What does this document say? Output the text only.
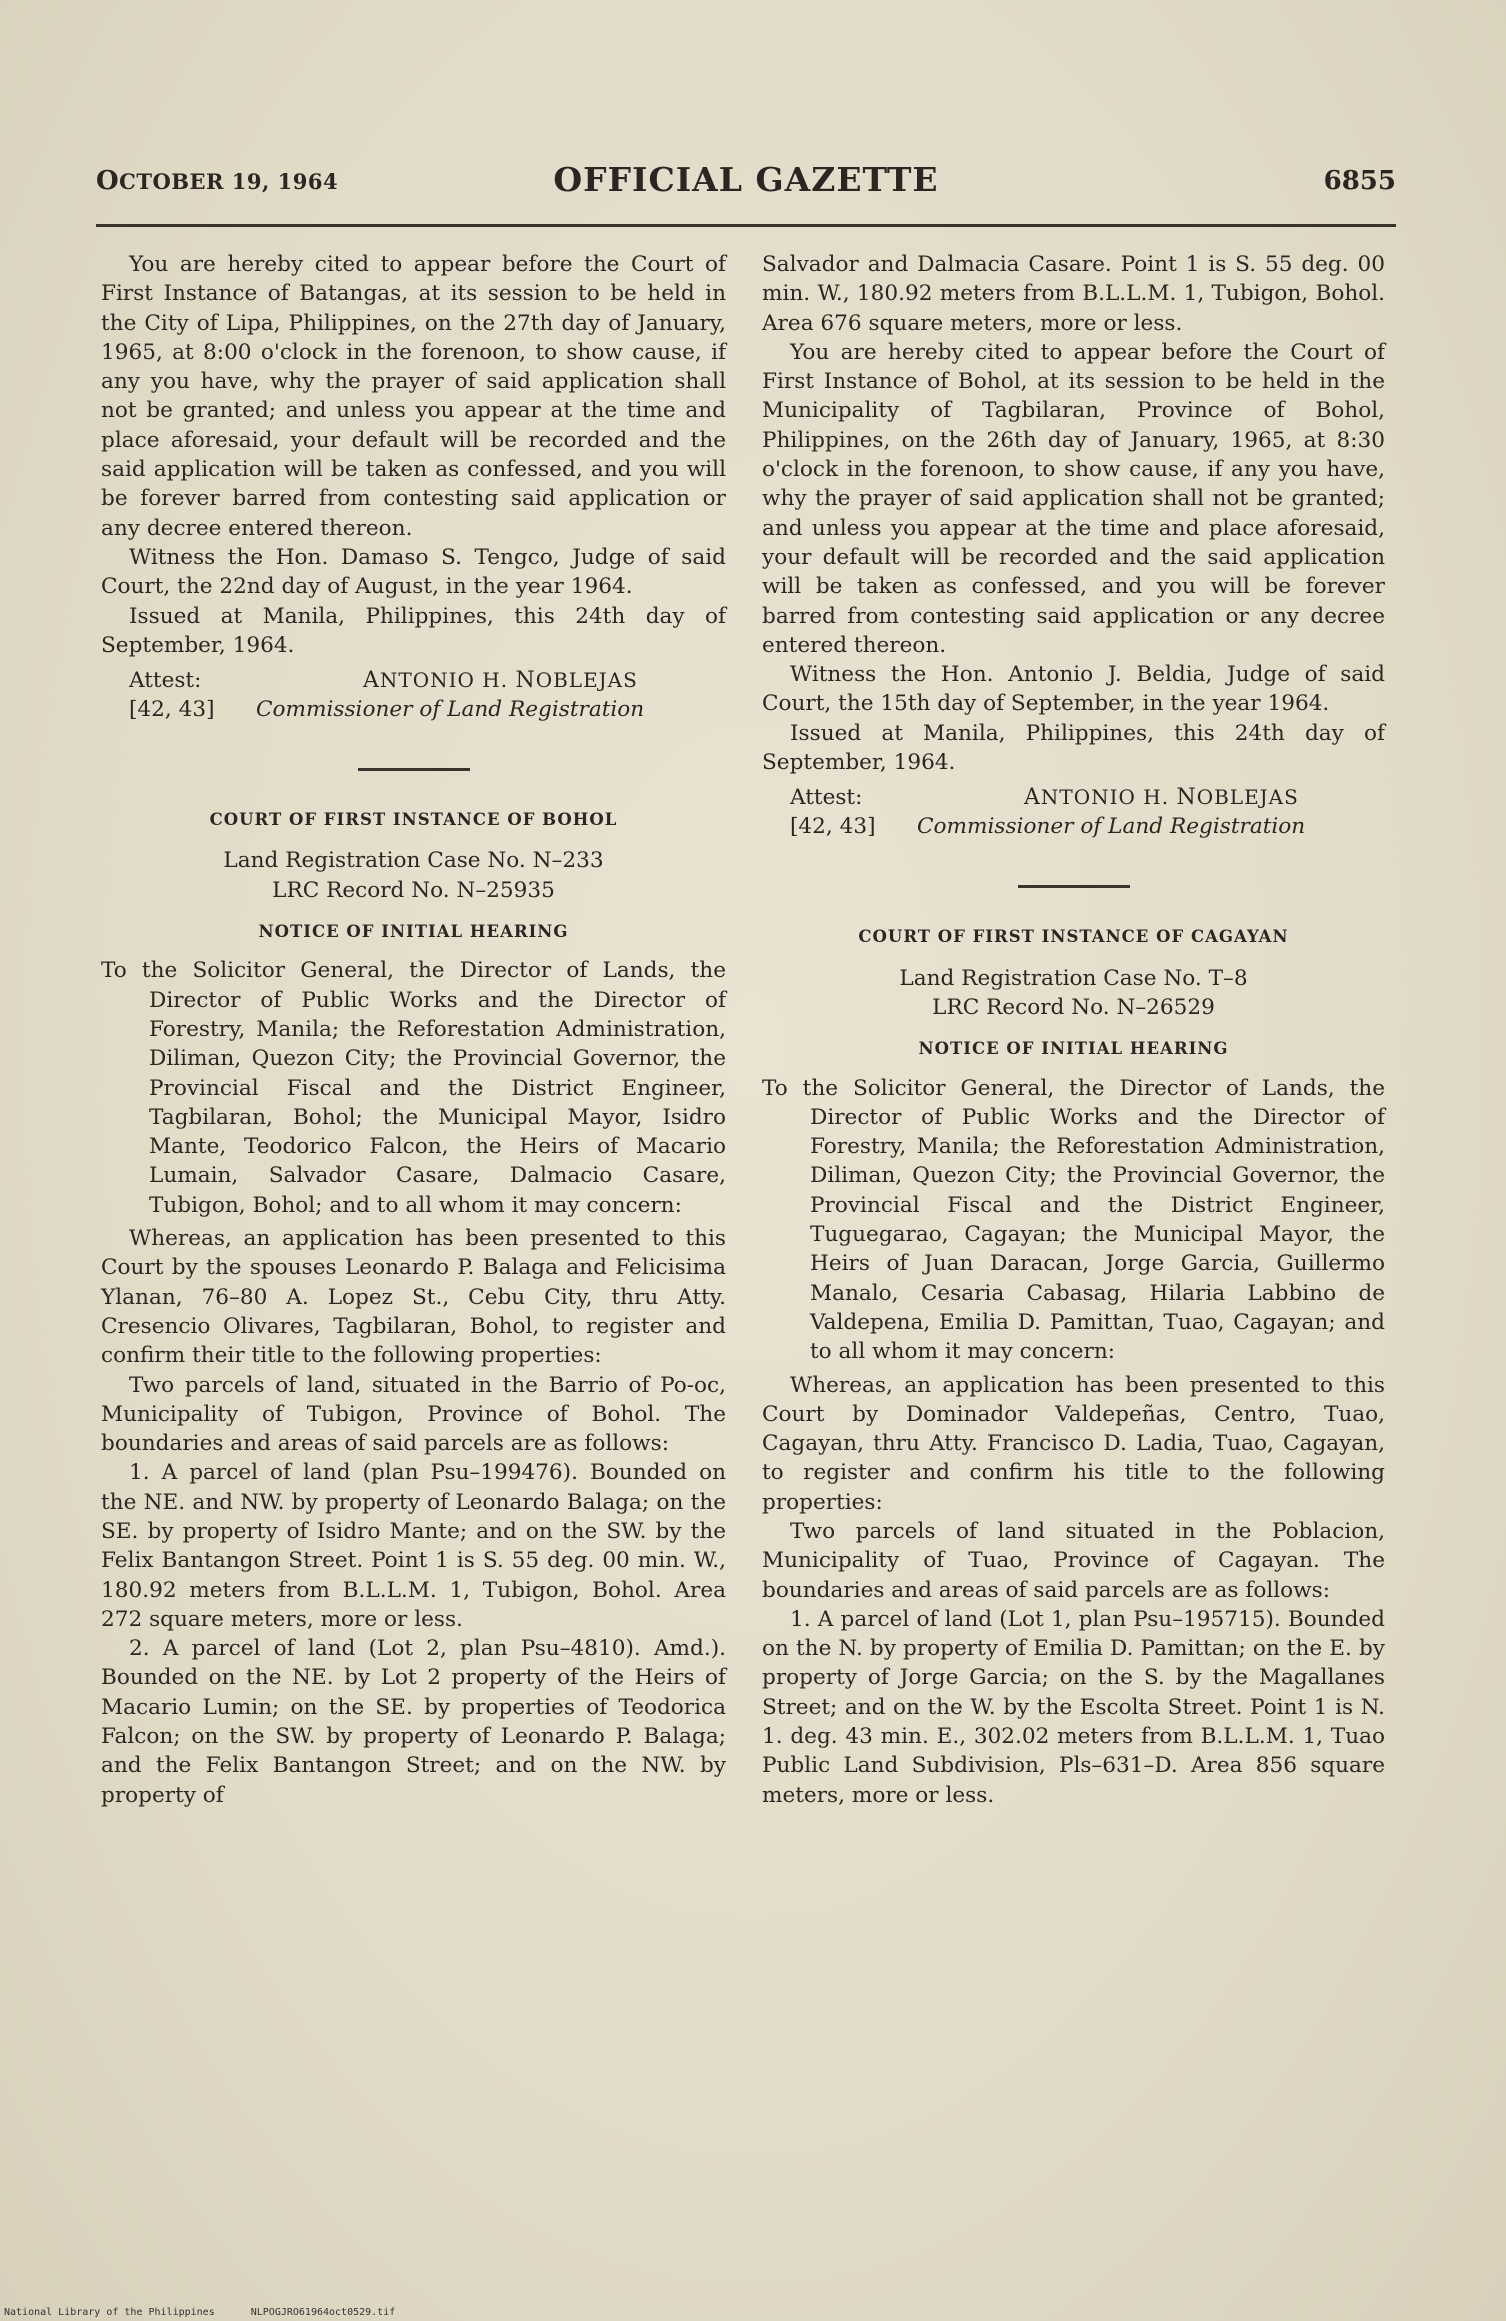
OCTOBER 19, 1964	OFFICIAL GAZETTE	6855

You are hereby cited to appear before the Court of First Instance of Batangas, at its session to be held in the City of Lipa, Philippines, on the 27th day of January, 1965, at 8:00 o'clock in the forenoon, to show cause, if any you have, why the prayer of said application shall not be granted; and unless you appear at the time and place aforesaid, your default will be recorded and the said application will be taken as confessed, and you will be forever barred from contesting said application or any decree entered thereon.

Witness the Hon. Damaso S. Tengco, Judge of said Court, the 22nd day of August, in the year 1964.

Issued at Manila, Philippines, this 24th day of September, 1964.

Attest:
[42, 43]
ANTONIO H. NOBLEJAS
Commissioner of Land Registration

COURT OF FIRST INSTANCE OF BOHOL

Land Registration Case No. N–233

LRC Record No. N–25935

NOTICE OF INITIAL HEARING

To the Solicitor General, the Director of Lands, the Director of Public Works and the Director of Forestry, Manila; the Reforestation Administration, Diliman, Quezon City; the Provincial Governor, the Provincial Fiscal and the District Engineer, Tagbilaran, Bohol; the Municipal Mayor, Isidro Mante, Teodorico Falcon, the Heirs of Macario Lumain, Salvador Casare, Dalmacio Casare, Tubigon, Bohol; and to all whom it may concern:

Whereas, an application has been presented to this Court by the spouses Leonardo P. Balaga and Felicisima Ylanan, 76–80 A. Lopez St., Cebu City, thru Atty. Cresencio Olivares, Tagbilaran, Bohol, to register and confirm their title to the following properties:

Two parcels of land, situated in the Barrio of Po-oc, Municipality of Tubigon, Province of Bohol. The boundaries and areas of said parcels are as follows:

1. A parcel of land (plan Psu–199476). Bounded on the NE. and NW. by property of Leonardo Balaga; on the SE. by property of Isidro Mante; and on the SW. by the Felix Bantangon Street. Point 1 is S. 55 deg. 00 min. W., 180.92 meters from B.L.L.M. 1, Tubigon, Bohol. Area 272 square meters, more or less.

2. A parcel of land (Lot 2, plan Psu–4810). Amd.). Bounded on the NE. by Lot 2 property of the Heirs of Macario Lumin; on the SE. by properties of Teodorica Falcon; on the SW. by property of Leonardo P. Balaga; and the Felix Bantangon Street; and on the NW. by property of

Salvador and Dalmacia Casare. Point 1 is S. 55 deg. 00 min. W., 180.92 meters from B.L.L.M. 1, Tubigon, Bohol. Area 676 square meters, more or less.

You are hereby cited to appear before the Court of First Instance of Bohol, at its session to be held in the Municipality of Tagbilaran, Province of Bohol, Philippines, on the 26th day of January, 1965, at 8:30 o'clock in the forenoon, to show cause, if any you have, why the prayer of said application shall not be granted; and unless you appear at the time and place aforesaid, your default will be recorded and the said application will be taken as confessed, and you will be forever barred from contesting said application or any decree entered thereon.

Witness the Hon. Antonio J. Beldia, Judge of said Court, the 15th day of September, in the year 1964.

Issued at Manila, Philippines, this 24th day of September, 1964.

Attest:
[42, 43]
ANTONIO H. NOBLEJAS
Commissioner of Land Registration

COURT OF FIRST INSTANCE OF CAGAYAN

Land Registration Case No. T–8

LRC Record No. N–26529

NOTICE OF INITIAL HEARING

To the Solicitor General, the Director of Lands, the Director of Public Works and the Director of Forestry, Manila; the Reforestation Administration, Diliman, Quezon City; the Provincial Governor, the Provincial Fiscal and the District Engineer, Tuguegarao, Cagayan; the Municipal Mayor, the Heirs of Juan Daracan, Jorge Garcia, Guillermo Manalo, Cesaria Cabasag, Hilaria Labbino de Valdepena, Emilia D. Pamittan, Tuao, Cagayan; and to all whom it may concern:

Whereas, an application has been presented to this Court by Dominador Valdepeñas, Centro, Tuao, Cagayan, thru Atty. Francisco D. Ladia, Tuao, Cagayan, to register and confirm his title to the following properties:

Two parcels of land situated in the Poblacion, Municipality of Tuao, Province of Cagayan. The boundaries and areas of said parcels are as follows:

1. A parcel of land (Lot 1, plan Psu–195715). Bounded on the N. by property of Emilia D. Pamittan; on the E. by property of Jorge Garcia; on the S. by the Magallanes Street; and on the W. by the Escolta Street. Point 1 is N. 1. deg. 43 min. E., 302.02 meters from B.L.L.M. 1, Tuao Public Land Subdivision, Pls–631–D. Area 856 square meters, more or less.

National Library of the Philippines	NLPOGJRO61964oct0529.tif
